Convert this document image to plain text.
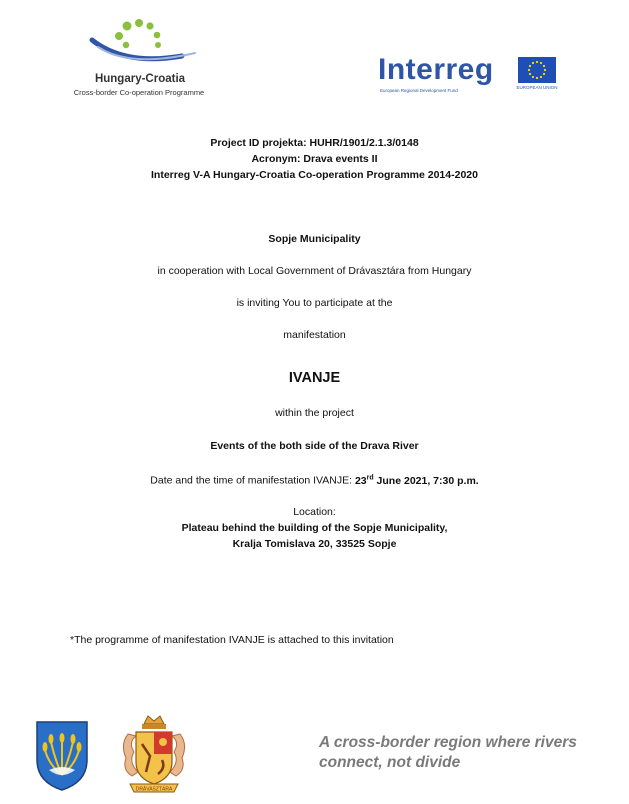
Hungary-Croatia
Cross-border Co-operation Programme
Interreg
European Regional Development Fund
EUROPEAN UNION
Project ID projekta: HUHR/1901/2.1.3/0148
Acronym: Drava events II
Interreg V-A Hungary-Croatia Co-operation Programme 2014-2020
Sopje Municipality
in cooperation with Local Government of Drávasztára from Hungary
is inviting You to participate at the
manifestation
IVANJE
within the project
Events of the both side of the Drava River
Date and the time of manifestation IVANJE: 23rd June 2021, 7:30 p.m.
Location:
Plateau behind the building of the Sopje Municipality,
Kralja Tomislava 20, 33525 Sopje
*The programme of manifestation IVANJE is attached to this invitation
DRÁVASZTÁRA
A cross-border region where rivers
connect, not divide
